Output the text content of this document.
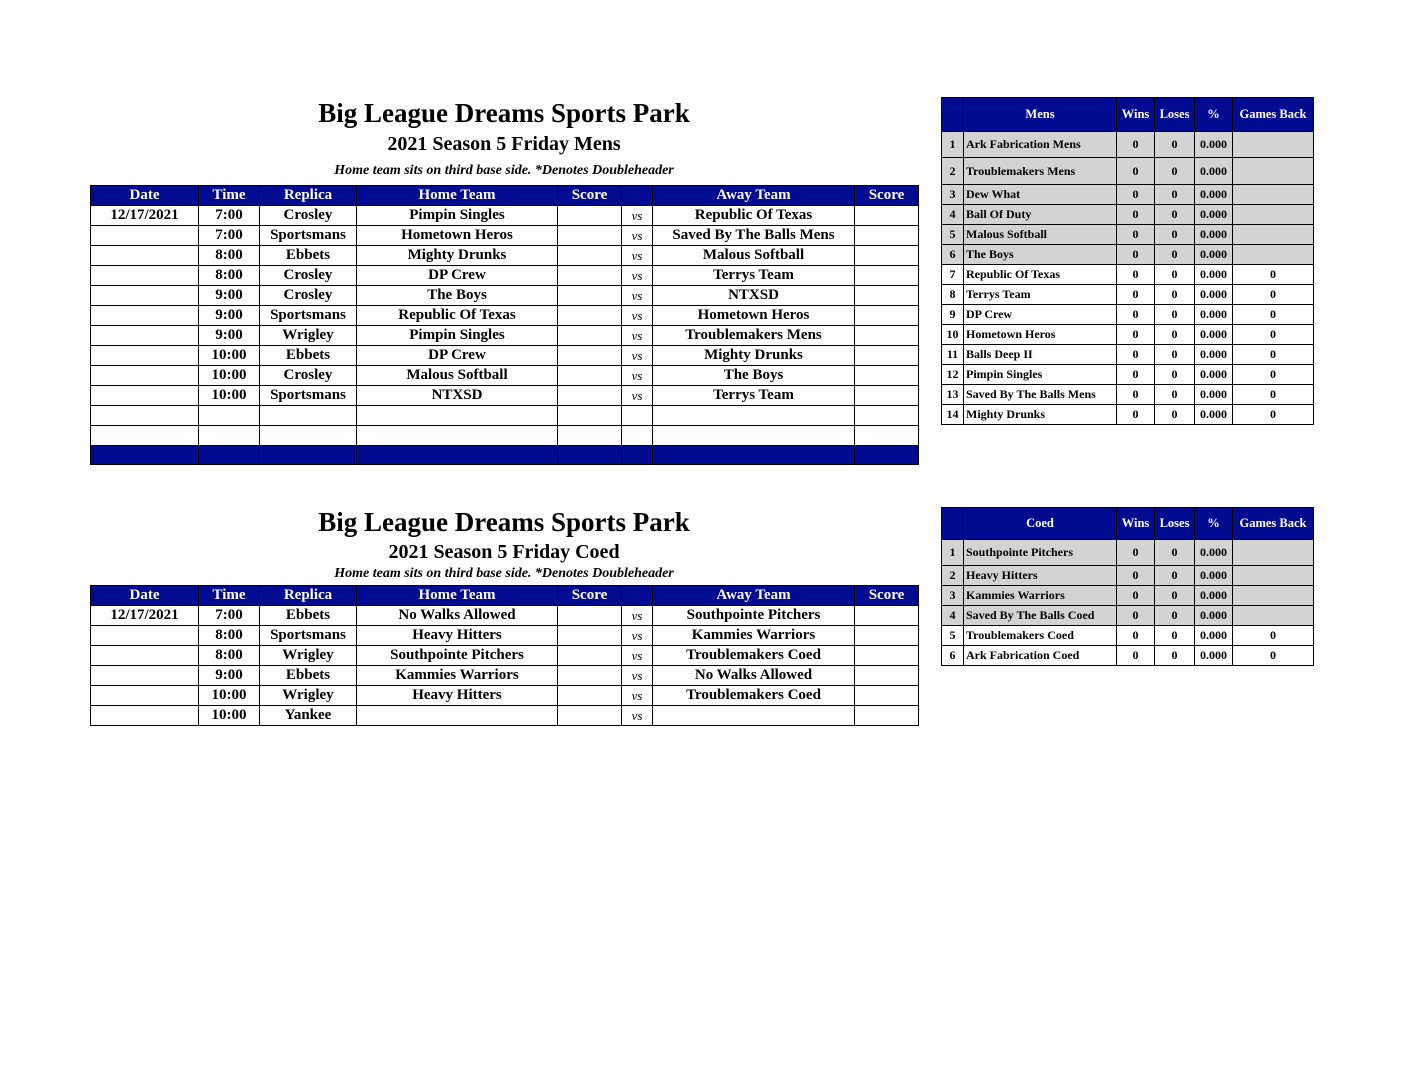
Big League Dreams Sports Park
2021 Season 5 Friday Mens
Home team sits on third base side. *Denotes Doubleheader
Date	Time	Replica	Home Team	Score		Away Team	Score
12/17/2021	7:00	Crosley	Pimpin Singles		vs	Republic Of Texas	
	7:00	Sportsmans	Hometown Heros		vs	Saved By The Balls Mens	
	8:00	Ebbets	Mighty Drunks		vs	Malous Softball	
	8:00	Crosley	DP Crew		vs	Terrys Team	
	9:00	Crosley	The Boys		vs	NTXSD	
	9:00	Sportsmans	Republic Of Texas		vs	Hometown Heros	
	9:00	Wrigley	Pimpin Singles		vs	Troublemakers Mens	
	10:00	Ebbets	DP Crew		vs	Mighty Drunks	
	10:00	Crosley	Malous Softball		vs	The Boys	
	10:00	Sportsmans	NTXSD		vs	Terrys Team	

	Mens	Wins	Loses	%	Games Back
1	Ark Fabrication Mens	0	0	0.000	
2	Troublemakers Mens	0	0	0.000	
3	Dew What	0	0	0.000	
4	Ball Of Duty	0	0	0.000	
5	Malous Softball	0	0	0.000	
6	The Boys	0	0	0.000	
7	Republic Of Texas	0	0	0.000	0
8	Terrys Team	0	0	0.000	0
9	DP Crew	0	0	0.000	0
10	Hometown Heros	0	0	0.000	0
11	Balls Deep II	0	0	0.000	0
12	Pimpin Singles	0	0	0.000	0
13	Saved By The Balls Mens	0	0	0.000	0
14	Mighty Drunks	0	0	0.000	0
Big League Dreams Sports Park
2021 Season 5 Friday Coed
Home team sits on third base side. *Denotes Doubleheader
Date	Time	Replica	Home Team	Score		Away Team	Score
12/17/2021	7:00	Ebbets	No Walks Allowed		vs	Southpointe Pitchers	
	8:00	Sportsmans	Heavy Hitters		vs	Kammies Warriors	
	8:00	Wrigley	Southpointe Pitchers		vs	Troublemakers Coed	
	9:00	Ebbets	Kammies Warriors		vs	No Walks Allowed	
	10:00	Wrigley	Heavy Hitters		vs	Troublemakers Coed	
	10:00	Yankee			vs		
	Coed	Wins	Loses	%	Games Back
1	Southpointe Pitchers	0	0	0.000	
2	Heavy Hitters	0	0	0.000	
3	Kammies Warriors	0	0	0.000	
4	Saved By The Balls Coed	0	0	0.000	
5	Troublemakers Coed	0	0	0.000	0
6	Ark Fabrication Coed	0	0	0.000	0
